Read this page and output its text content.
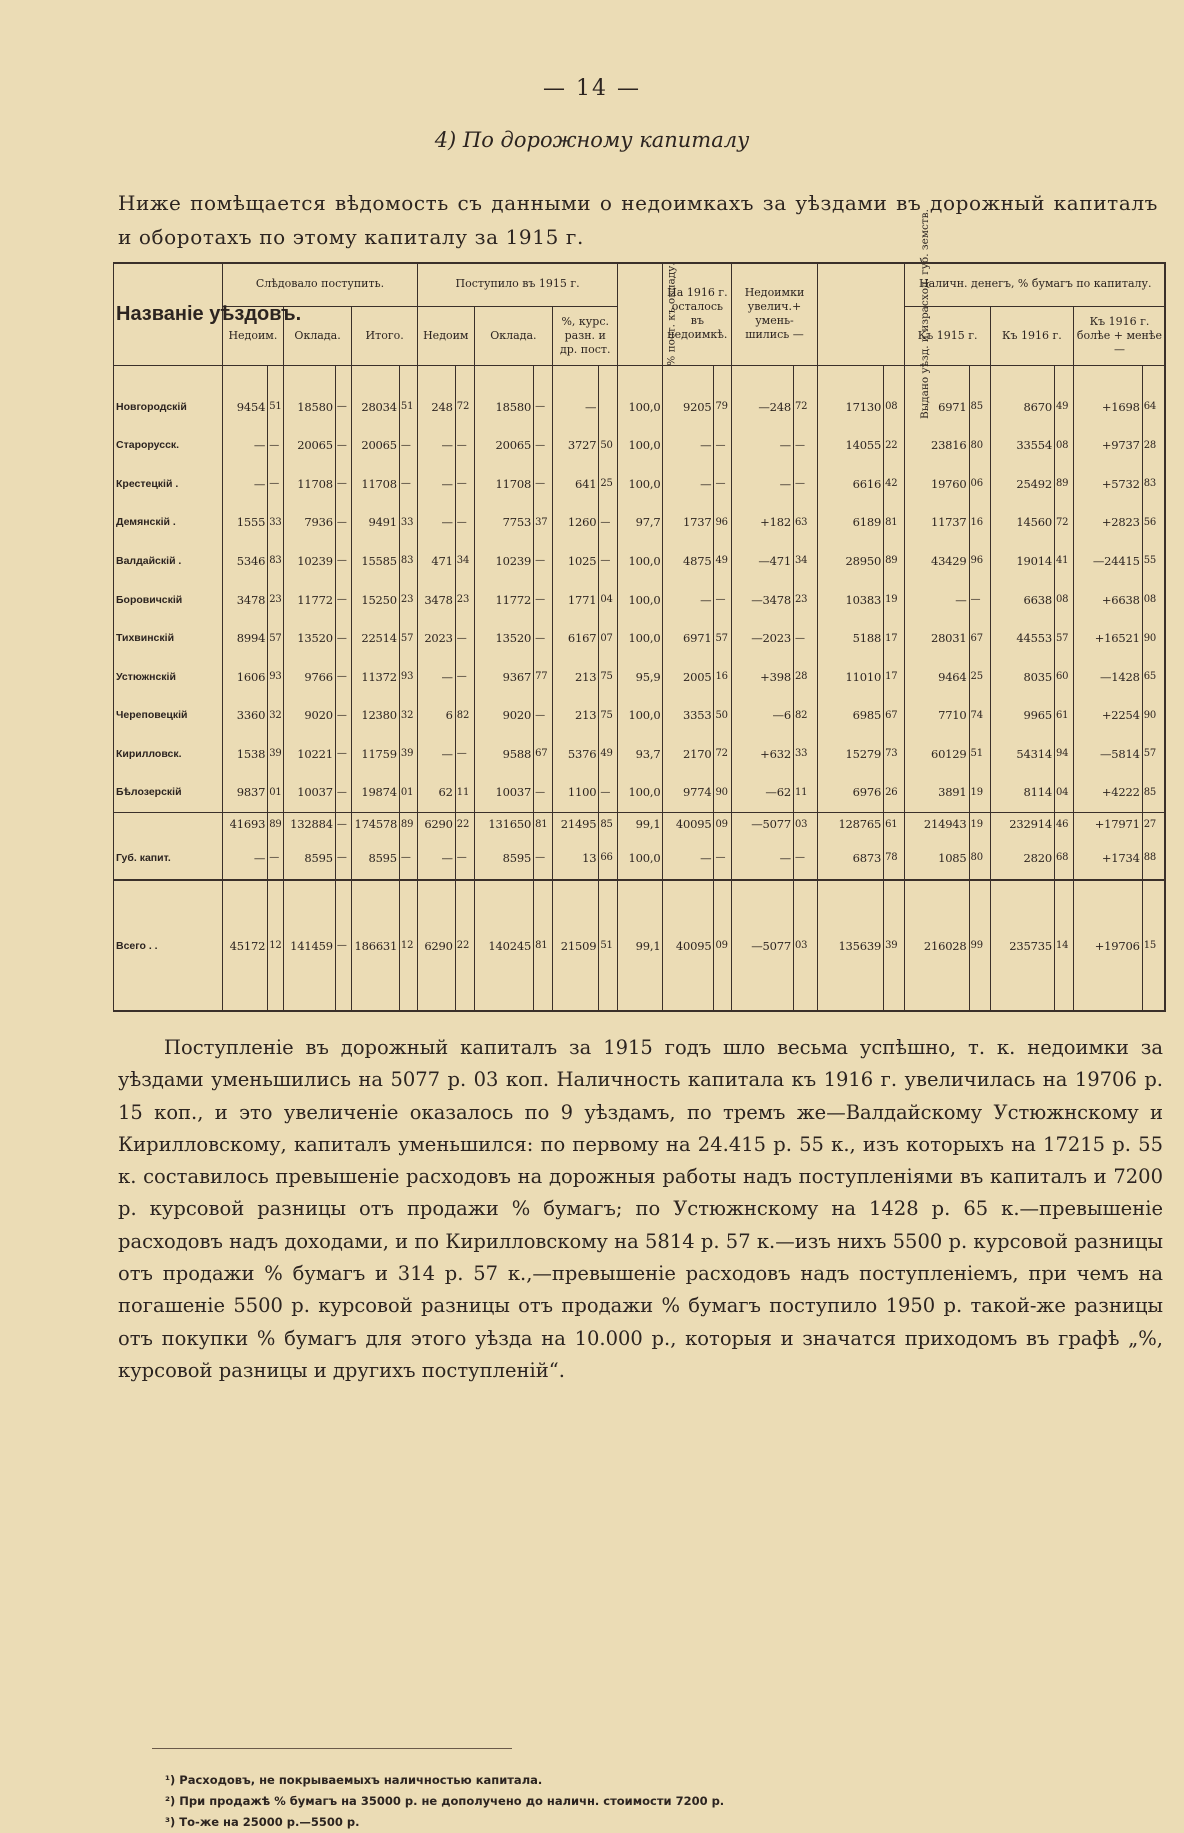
— 14 —
4) По дорожному капиталу
Ниже помѣщается вѣдомость съ данными о недоимкахъ за уѣздами въ дорожный капиталъ и оборотахъ по этому капиталу за 1915 г.
Названіе уѣздовъ.	Слѣдовало поступить.						Поступило въ 1915 г.						% пост. къ окладу.	На 1916 г. осталось въ недоимкѣ.		Недоимки увелич.+ умень- шились —		Выдано уѣзд. и израсход. губ. земств.		Наличн. денегъ, % бумагъ по капиталу.					
	Недоим.		Оклада.		Итого.		Недоим		Оклада.		%, курс. разн. и др. пост.									Къ 1915 г.		Къ 1916 г.		Къ 1916 г. болѣе + менѣе —	

Новгородскій	9454	51	18580	—	28034	51	248	72	18580	—	—		100,0	9205	79	—248	72	17130	08	6971	85	8670	49	+1698	64
Старорусск.	—	—	20065	—	20065	—	—	—	20065	—	3727	50	100,0	—	—	—	—	14055	22	23816	80	33554	08	+9737	28
Крестецкій .	—	—	11708	—	11708	—	—	—	11708	—	641	25	100,0	—	—	—	—	6616	42	19760	06	25492	89	+5732	83
Демянскій .	1555	33	7936	—	9491	33	—	—	7753	37	1260	—	97,7	1737	96	+182	63	6189	81	11737	16	14560	72	+2823	56
Валдайскій .	5346	83	10239	—	15585	83	471	34	10239	—	1025	—	100,0	4875	49	—471	34	28950	89	43429	96	19014	41	—24415	55
Боровичскій	3478	23	11772	—	15250	23	3478	23	11772	—	1771	04	100,0	—	—	—3478	23	10383	19	—	—	6638	08	+6638	08
Тихвинскій	8994	57	13520	—	22514	57	2023	—	13520	—	6167	07	100,0	6971	57	—2023	—	5188	17	28031	67	44553	57	+16521	90
Устюжнскій	1606	93	9766	—	11372	93	—	—	9367	77	213	75	95,9	2005	16	+398	28	11010	17	9464	25	8035	60	—1428	65
Череповецкій	3360	32	9020	—	12380	32	6	82	9020	—	213	75	100,0	3353	50	—6	82	6985	67	7710	74	9965	61	+2254	90
Кирилловск.	1538	39	10221	—	11759	39	—	—	9588	67	5376	49	93,7	2170	72	+632	33	15279	73	60129	51	54314	94	—5814	57
Бѣлозерскій	9837	01	10037	—	19874	01	62	11	10037	—	1100	—	100,0	9774	90	—62	11	6976	26	3891	19	8114	04	+4222	85
	41693	89	132884	—	174578	89	6290	22	131650	81	21495	85	99,1	40095	09	—5077	03	128765	61	214943	19	232914	46	+17971	27
Губ. капит.	—	—	8595	—	8595	—	—	—	8595	—	13	66	100,0	—	—	—	—	6873	78	1085	80	2820	68	+1734	88
Всего . .	45172	12	141459	—	186631	12	6290	22	140245	81	21509	51	99,1	40095	09	—5077	03	135639	39	216028	99	235735	14	+19706	15

Поступленіе въ дорожный капиталъ за 1915 годъ шло весьма успѣшно, т. к. недоимки за уѣздами уменьшились на 5077 р. 03 коп. Наличность капитала къ 1916 г. увеличилась на 19706 р. 15 коп., и это увеличеніе оказалось по 9 уѣздамъ, по тремъ же—Валдайскому Устюжнскому и Кирилловскому, капиталъ уменьшился: по первому на 24.415 р. 55 к., изъ которыхъ на 17215 р. 55 к. составилось превышеніе расходовъ на дорожныя работы надъ поступленіями въ капиталъ и 7200 р. курсовой разницы отъ продажи % бумагъ; по Устюжнскому на 1428 р. 65 к.—превышеніе расходовъ надъ доходами, и по Кирилловскому на 5814 р. 57 к.—изъ нихъ 5500 р. курсовой разницы отъ продажи % бумагъ и 314 р. 57 к.,—превышеніе расходовъ надъ поступленіемъ, при чемъ на погашеніе 5500 р. курсовой разницы отъ продажи % бумагъ поступило 1950 р. такой-же разницы отъ покупки % бумагъ для этого уѣзда на 10.000 р., которыя и значатся приходомъ въ графѣ „%, курсовой разницы и другихъ поступленій“.

¹) Расходовъ, не покрываемыхъ наличностью капитала.
²) При продажѣ % бумагъ на 35000 р. не дополучено до наличн. стоимости 7200 р.
³) То-же на 25000 р.—5500 р.
